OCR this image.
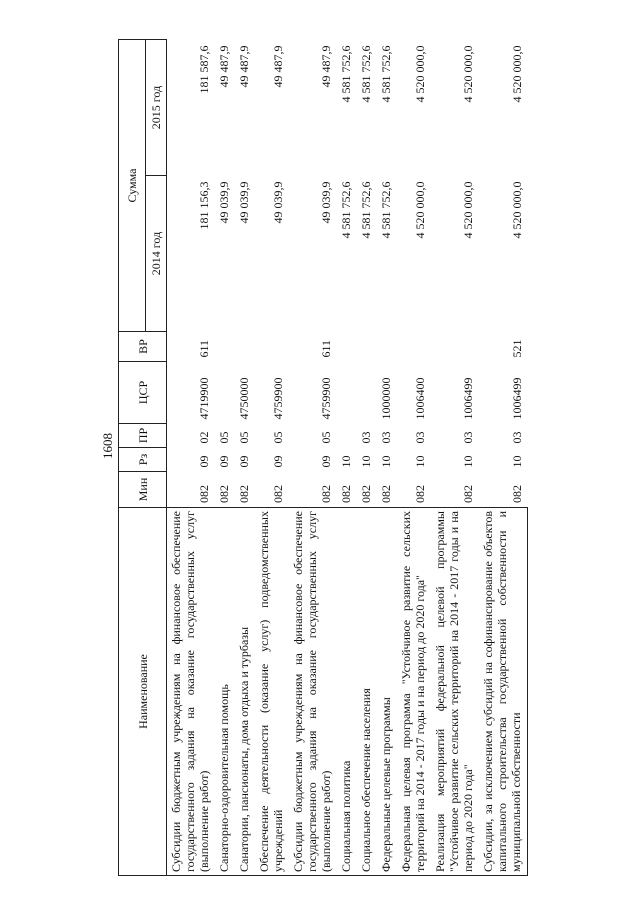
1608
Наименование	Мин	Рз	ПР	ЦСР	ВР	Сумма	
						2014 год	2015 год
Субсидии бюджетным учреждениям на финансовое обеспечение государственного задания на оказание государственных услуг (выполнение работ)	082	09	02	4719900	611	181 156,3	181 587,6
Санаторно-оздоровительная помощь	082	09	05			49 039,9	49 487,9
Санатории, пансионаты, дома отдыха и турбазы	082	09	05	4750000		49 039,9	49 487,9
Обеспечение деятельности (оказание услуг) подведомственных учреждений	082	09	05	4759900		49 039,9	49 487,9
Субсидии бюджетным учреждениям на финансовое обеспечение государственного задания на оказание государственных услуг (выполнение работ)	082	09	05	4759900	611	49 039,9	49 487,9
Социальная политика	082	10				4 581 752,6	4 581 752,6
Социальное обеспечение населения	082	10	03			4 581 752,6	4 581 752,6
Федеральные целевые программы	082	10	03	1000000		4 581 752,6	4 581 752,6
Федеральная целевая программа "Устойчивое развитие сельских территорий на 2014 - 2017 годы и на период до 2020 года"	082	10	03	1006400		4 520 000,0	4 520 000,0
Реализация мероприятий федеральной целевой программы "Устойчивое развитие сельских территорий на 2014 - 2017 годы и на период до 2020 года"	082	10	03	1006499		4 520 000,0	4 520 000,0
Субсидии, за исключением субсидий на софинансирование объектов капитального строительства государственной собственности и муниципальной собственности	082	10	03	1006499	521	4 520 000,0	4 520 000,0
